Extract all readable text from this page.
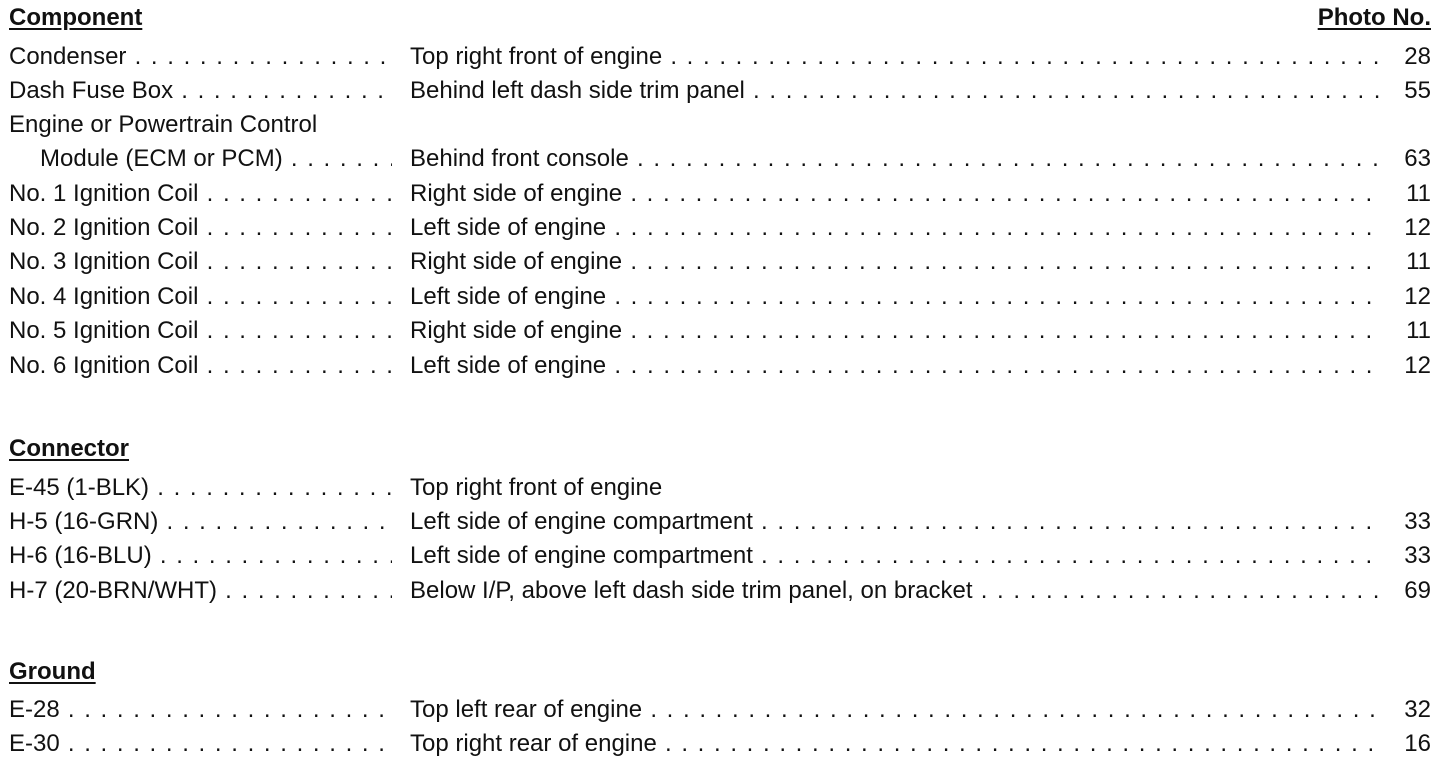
Component	Photo No.
Condenser . . .	Top right front of engine . . .	28
Dash Fuse Box . . .	Behind left dash side trim panel . . .	55
Engine or Powertrain Control
Module (ECM or PCM) . . .	Behind front console . . .	63
No. 1 Ignition Coil . . .	Right side of engine . . .	11
No. 2 Ignition Coil . . .	Left side of engine . . .	12
No. 3 Ignition Coil . . .	Right side of engine . . .	11
No. 4 Ignition Coil . . .	Left side of engine . . .	12
No. 5 Ignition Coil . . .	Right side of engine . . .	11
No. 6 Ignition Coil . . .	Left side of engine . . .	12
Connector
E-45 (1-BLK) . . .	Top right front of engine
H-5 (16-GRN) . . .	Left side of engine compartment . . .	33
H-6 (16-BLU) . . .	Left side of engine compartment . . .	33
H-7 (20-BRN/WHT) . . .	Below I/P, above left dash side trim panel, on bracket . . .	69
Ground
E-28 . . .	Top left rear of engine . . .	32
E-30 . . .	Top right rear of engine . . .	16
